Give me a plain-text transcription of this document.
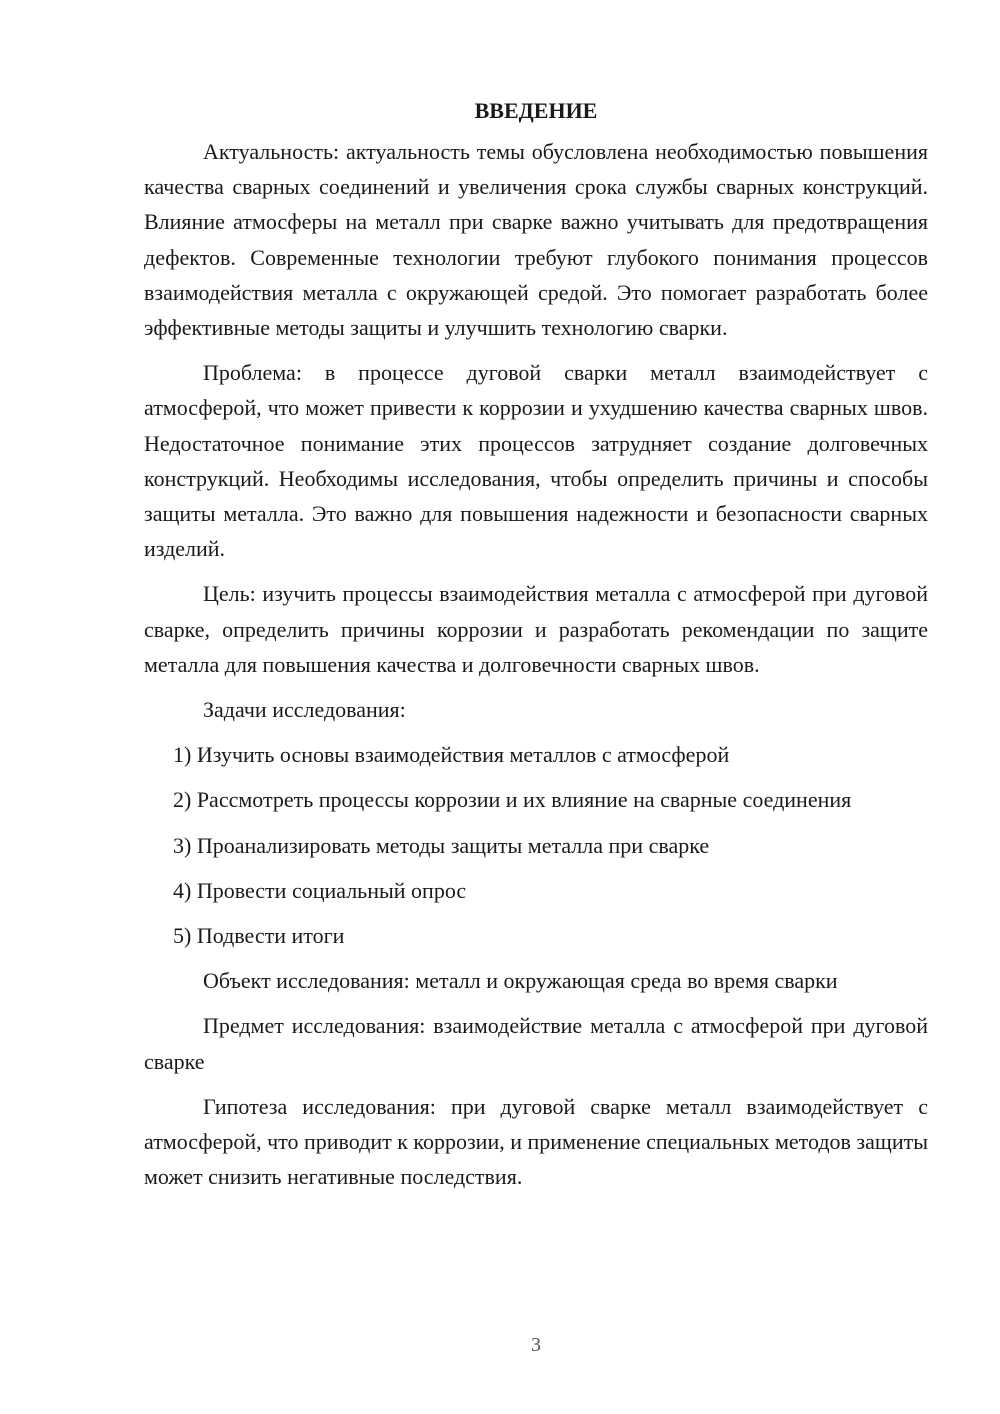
ВВЕДЕНИЕ

Актуальность: актуальность темы обусловлена необходимостью повышения качества сварных соединений и увеличения срока службы сварных конструкций. Влияние атмосферы на металл при сварке важно учитывать для предотвращения дефектов. Современные технологии требуют глубокого понимания процессов взаимодействия металла с окружающей средой. Это помогает разработать более эффективные методы защиты и улучшить технологию сварки.

Проблема: в процессе дуговой сварки металл взаимодействует с атмосферой, что может привести к коррозии и ухудшению качества сварных швов. Недостаточное понимание этих процессов затрудняет создание долговечных конструкций. Необходимы исследования, чтобы определить причины и способы защиты металла. Это важно для повышения надежности и безопасности сварных изделий.

Цель: изучить процессы взаимодействия металла с атмосферой при дуговой сварке, определить причины коррозии и разработать рекомендации по защите металла для повышения качества и долговечности сварных швов.

Задачи исследования:

1) Изучить основы взаимодействия металлов с атмосферой

2) Рассмотреть процессы коррозии и их влияние на сварные соединения

3) Проанализировать методы защиты металла при сварке

4) Провести социальный опрос

5) Подвести итоги

Объект исследования: металл и окружающая среда во время сварки

Предмет исследования: взаимодействие металла с атмосферой при дуговой сварке

Гипотеза исследования: при дуговой сварке металл взаимодействует с атмосферой, что приводит к коррозии, и применение специальных методов защиты может снизить негативные последствия.

3
